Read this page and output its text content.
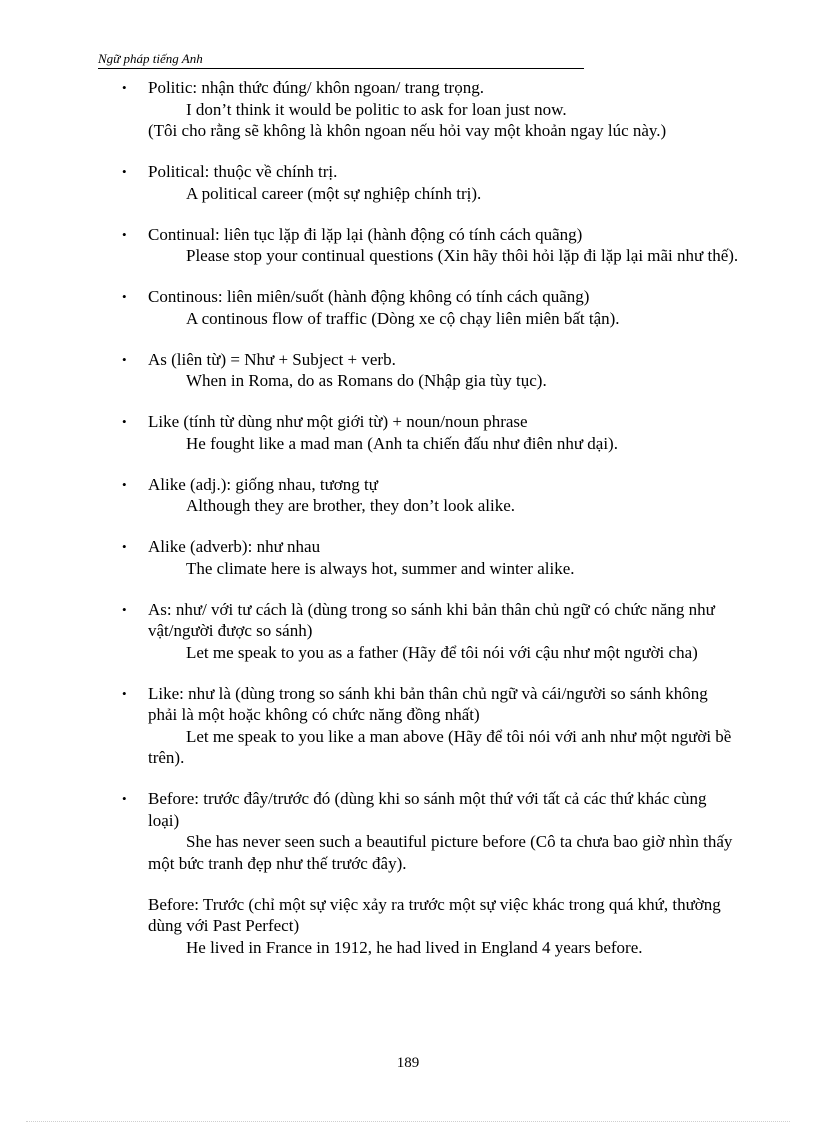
Ngữ pháp tiếng Anh
• Politic: nhận thức đúng/ khôn ngoan/ trang trọng.
I don’t think it would be politic to ask for loan just now.
(Tôi cho rằng sẽ không là khôn ngoan nếu hỏi vay một khoản ngay lúc này.)
• Political: thuộc về chính trị.
A political career (một sự nghiệp chính trị).
• Continual: liên tục lặp đi lặp lại (hành động có tính cách quãng)
Please stop your continual questions (Xin hãy thôi hỏi lặp đi lặp lại mãi như thế).
• Continous: liên miên/suốt (hành động không có tính cách quãng)
A continous flow of traffic (Dòng xe cộ chạy liên miên bất tận).
• As (liên từ) = Như + Subject + verb.
When in Roma, do as Romans do (Nhập gia tùy tục).
• Like (tính từ dùng như một giới từ) + noun/noun phrase
He fought like a mad man (Anh ta chiến đấu như điên như dại).
• Alike (adj.): giống nhau, tương tự
Although they are brother, they don’t look alike.
• Alike (adverb): như nhau
The climate here is always hot, summer and winter alike.
• As: như/ với tư cách là (dùng trong so sánh khi bản thân chủ ngữ có chức năng như vật/người được so sánh)
Let me speak to you as a father (Hãy để tôi nói với cậu như một người cha)
• Like: như là (dùng trong so sánh khi bản thân chủ ngữ và cái/người so sánh không phải là một hoặc không có chức năng đồng nhất)
Let me speak to you like a man above (Hãy để tôi nói với anh như một người bề trên).
• Before: trước đây/trước đó (dùng khi so sánh một thứ với tất cả các thứ khác cùng loại)
She has never seen such a beautiful picture before (Cô ta chưa bao giờ nhìn thấy một bức tranh đẹp như thế trước đây).
Before: Trước (chỉ một sự việc xảy ra trước một sự việc khác trong quá khứ, thường dùng với Past Perfect)
He lived in France in 1912, he had lived in England 4 years before.
189
